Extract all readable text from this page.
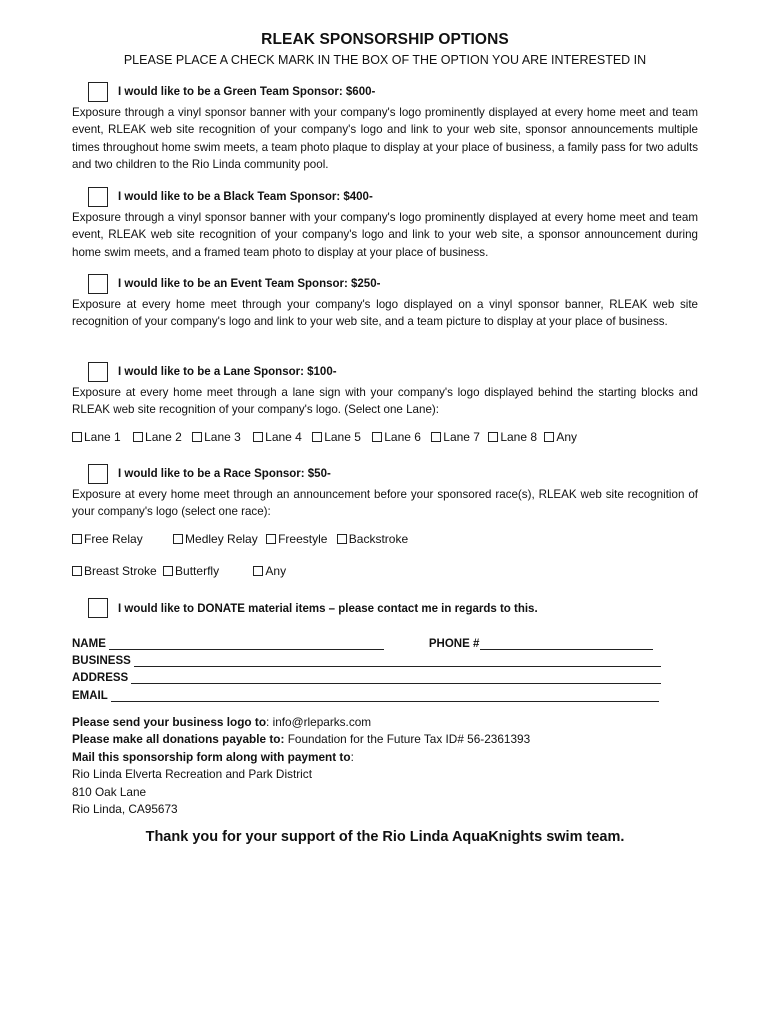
RLEAK SPONSORSHIP OPTIONS
PLEASE PLACE A CHECK MARK IN THE BOX OF THE OPTION YOU ARE INTERESTED IN
I would like to be a Green Team Sponsor: $600-
Exposure through a vinyl sponsor banner with your company's logo prominently displayed at every home meet and team event, RLEAK web site recognition of your company's logo and link to your web site, sponsor announcements multiple times throughout home swim meets, a team photo plaque to display at your place of business, a family pass for two adults and two children to the Rio Linda community pool.
I would like to be a Black Team Sponsor: $400-
Exposure through a vinyl sponsor banner with your company's logo prominently displayed at every home meet and team event, RLEAK web site recognition of your company's logo and link to your web site, a sponsor announcement during home swim meets, and a framed team photo to display at your place of business.
I would like to be an Event Team Sponsor: $250-
Exposure at every home meet through your company's logo displayed on a vinyl sponsor banner, RLEAK web site recognition of your company's logo and link to your web site, and a team picture to display at your place of business.
I would like to be a Lane Sponsor: $100-
Exposure at every home meet through a lane sign with your company's logo displayed behind the starting blocks and RLEAK web site recognition of your company's logo. (Select one Lane):
Lane 1
Lane 2
Lane 3
Lane 4
Lane 5
Lane 6
Lane 7
Lane 8
Any
I would like to be a Race Sponsor: $50-
Exposure at every home meet through an announcement before your sponsored race(s), RLEAK web site recognition of your company's logo (select one race):
Free Relay
	Medley Relay
Freestyle
Backstroke
Breast Stroke
Butterfly
	Any
I would like to DONATE material items – please contact me in regards to this.
NAME	PHONE #
BUSINESS
ADDRESS
EMAIL
Please send your business logo to: info@rleparks.com
Please make all donations payable to: Foundation for the Future Tax ID# 56-2361393
Mail this sponsorship form along with payment to:
Rio Linda Elverta Recreation and Park District
810 Oak Lane
Rio Linda, CA95673
Thank you for your support of the Rio Linda AquaKnights swim team.
